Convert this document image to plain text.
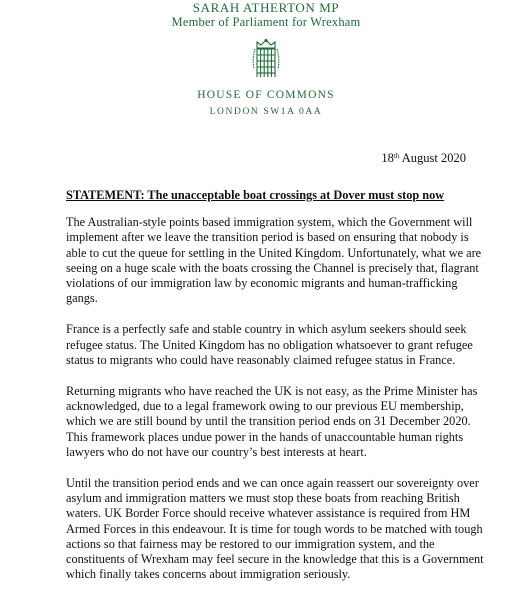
SARAH ATHERTON MP
Member of Parliament for Wrexham
HOUSE OF COMMONS
LONDON SW1A 0AA
18th August 2020
STATEMENT: The unacceptable boat crossings at Dover must stop now

The Australian-style points based immigration system, which the Government will implement after we leave the transition period is based on ensuring that nobody is able to cut the queue for settling in the United Kingdom. Unfortunately, what we are seeing on a huge scale with the boats crossing the Channel is precisely that, flagrant violations of our immigration law by economic migrants and human-trafficking gangs.

France is a perfectly safe and stable country in which asylum seekers should seek refugee status. The United Kingdom has no obligation whatsoever to grant refugee status to migrants who could have reasonably claimed refugee status in France.

Returning migrants who have reached the UK is not easy, as the Prime Minister has acknowledged, due to a legal framework owing to our previous EU membership, which we are still bound by until the transition period ends on 31 December 2020. This framework places undue power in the hands of unaccountable human rights lawyers who do not have our country’s best interests at heart.

Until the transition period ends and we can once again reassert our sovereignty over asylum and immigration matters we must stop these boats from reaching British waters. UK Border Force should receive whatever assistance is required from HM Armed Forces in this endeavour. It is time for tough words to be matched with tough actions so that fairness may be restored to our immigration system, and the constituents of Wrexham may feel secure in the knowledge that this is a Government which finally takes concerns about immigration seriously.
